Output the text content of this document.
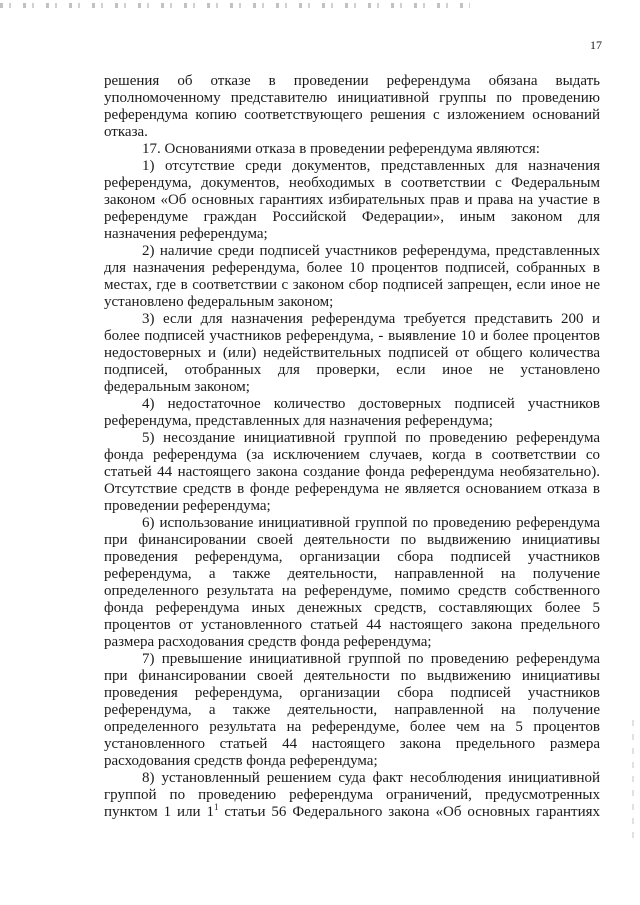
17

решения об отказе в проведении референдума обязана выдать уполномоченному представителю инициативной группы по проведению референдума копию соответствующего решения с изложением оснований отказа.

17. Основаниями отказа в проведении референдума являются:

1) отсутствие среди документов, представленных для назначения референдума, документов, необходимых в соответствии с Федеральным законом «Об основных гарантиях избирательных прав и права на участие в референдуме граждан Российской Федерации», иным законом для назначения референдума;

2) наличие среди подписей участников референдума, представленных для назначения референдума, более 10 процентов подписей, собранных в местах, где в соответствии с законом сбор подписей запрещен, если иное не установлено федеральным законом;

3) если для назначения референдума требуется представить 200 и более подписей участников референдума, - выявление 10 и более процентов недостоверных и (или) недействительных подписей от общего количества подписей, отобранных для проверки, если иное не установлено федеральным законом;

4) недостаточное количество достоверных подписей участников референдума, представленных для назначения референдума;

5) несоздание инициативной группой по проведению референдума фонда референдума (за исключением случаев, когда в соответствии со статьей 44 настоящего закона создание фонда референдума необязательно). Отсутствие средств в фонде референдума не является основанием отказа в проведении референдума;

6) использование инициативной группой по проведению референдума при финансировании своей деятельности по выдвижению инициативы проведения референдума, организации сбора подписей участников референдума, а также деятельности, направленной на получение определенного результата на референдуме, помимо средств собственного фонда референдума иных денежных средств, составляющих более 5 процентов от установленного статьей 44 настоящего закона предельного размера расходования средств фонда референдума;

7) превышение инициативной группой по проведению референдума при финансировании своей деятельности по выдвижению инициативы проведения референдума, организации сбора подписей участников референдума, а также деятельности, направленной на получение определенного результата на референдуме, более чем на 5 процентов установленного статьей 44 настоящего закона предельного размера расходования средств фонда референдума;

8) установленный решением суда факт несоблюдения инициативной группой по проведению референдума ограничений, предусмотренных пунктом 1 или $1^1$ статьи 56 Федерального закона «Об основных гарантиях
